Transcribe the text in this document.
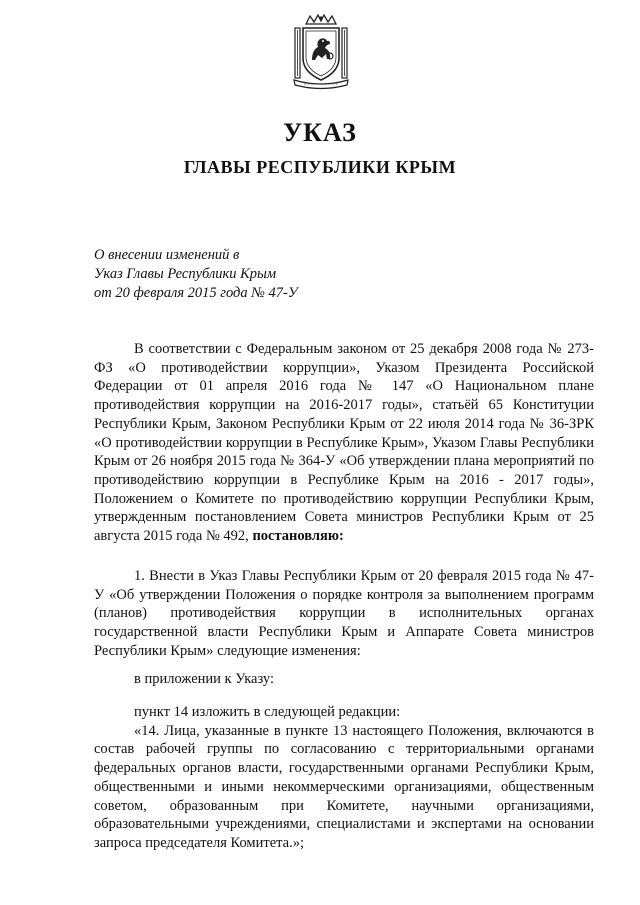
УКАЗ
ГЛАВЫ РЕСПУБЛИКИ КРЫМ
О внесении изменений в
Указ Главы Республики Крым
от 20 февраля 2015 года № 47-У

В соответствии с Федеральным законом от 25 декабря 2008 года № 273-ФЗ «О противодействии коррупции», Указом Президента Российской Федерации от 01 апреля 2016 года № 147 «О Национальном плане противодействия коррупции на 2016-2017 годы», статьёй 65 Конституции Республики Крым, Законом Республики Крым от 22 июля 2014 года № 36-ЗРК «О противодействии коррупции в Республике Крым», Указом Главы Республики Крым от 26 ноября 2015 года № 364-У «Об утверждении плана мероприятий по противодействию коррупции в Республике Крым на 2016 - 2017 годы», Положением о Комитете по противодействию коррупции Республики Крым, утвержденным постановлением Совета министров Республики Крым от 25 августа 2015 года № 492, постановляю:

1. Внести в Указ Главы Республики Крым от 20 февраля 2015 года № 47-У «Об утверждении Положения о порядке контроля за выполнением программ (планов) противодействия коррупции в исполнительных органах государственной власти Республики Крым и Аппарате Совета министров Республики Крым» следующие изменения:

в приложении к Указу:

пункт 14 изложить в следующей редакции:

«14. Лица, указанные в пункте 13 настоящего Положения, включаются в состав рабочей группы по согласованию с территориальными органами федеральных органов власти, государственными органами Республики Крым, общественными и иными некоммерческими организациями, общественным советом, образованным при Комитете, научными организациями, образовательными учреждениями, специалистами и экспертами на основании запроса председателя Комитета.»;
